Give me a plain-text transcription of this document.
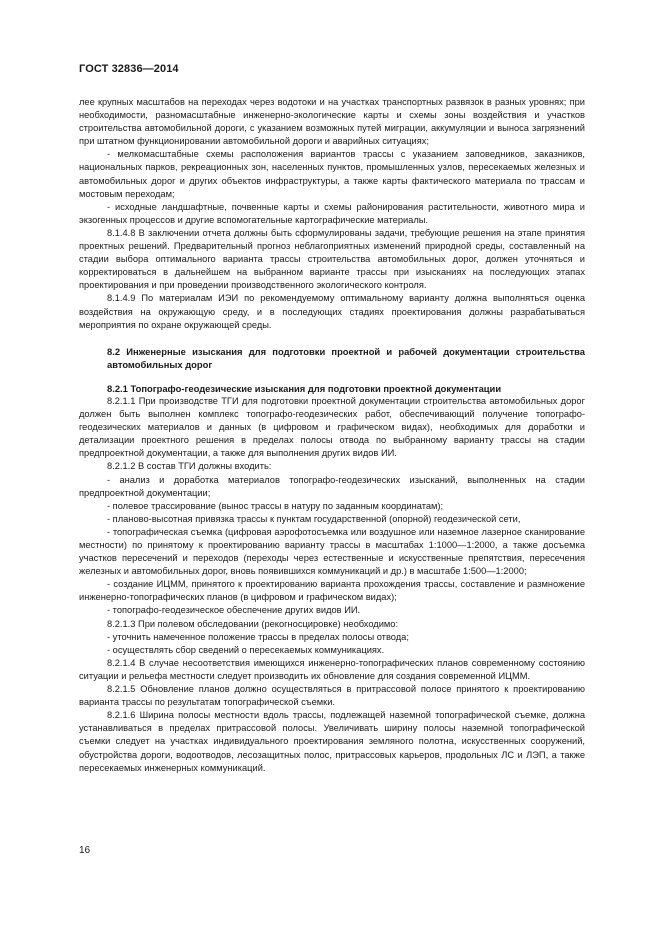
ГОСТ 32836—2014

лее крупных масштабов на переходах через водотоки и на участках транспортных развязок в разных уровнях; при необходимости, разномасштабные инженерно-экологические карты и схемы зоны воздействия и участков строительства автомобильной дороги, с указанием возможных путей миграции, аккумуляции и выноса загрязнений при штатном функционировании автомобильной дороги и аварийных ситуациях;

- мелкомасштабные схемы расположения вариантов трассы с указанием заповедников, заказников, национальных парков, рекреационных зон, населенных пунктов, промышленных узлов, пересекаемых железных и автомобильных дорог и других объектов инфраструктуры, а также карты фактического материала по трассам и мостовым переходам;

- исходные ландшафтные, почвенные карты и схемы районирования растительности, животного мира и экзогенных процессов и другие вспомогательные картографические материалы.

8.1.4.8 В заключении отчета должны быть сформулированы задачи, требующие решения на этапе принятия проектных решений. Предварительный прогноз неблагоприятных изменений природной среды, составленный на стадии выбора оптимального варианта трассы строительства автомобильных дорог, должен уточняться и корректироваться в дальнейшем на выбранном варианте трассы при изысканиях на последующих этапах проектирования и при проведении производственного экологического контроля.

8.1.4.9 По материалам ИЭИ по рекомендуемому оптимальному варианту должна выполняться оценка воздействия на окружающую среду, и в последующих стадиях проектирования должны разрабатываться мероприятия по охране окружающей среды.

8.2 Инженерные изыскания для подготовки проектной и рабочей документации строительства автомобильных дорог

8.2.1 Топографо-геодезические изыскания для подготовки проектной документации

8.2.1.1 При производстве ТГИ для подготовки проектной документации строительства автомобильных дорог должен быть выполнен комплекс топографо-геодезических работ, обеспечивающий получение топографо-геодезических материалов и данных (в цифровом и графическом видах), необходимых для доработки и детализации проектного решения в пределах полосы отвода по выбранному варианту трассы на стадии предпроектной документации, а также для выполнения других видов ИИ.

8.2.1.2 В состав ТГИ должны входить:

- анализ и доработка материалов топографо-геодезических изысканий, выполненных на стадии предпроектной документации;

- полевое трассирование (вынос трассы в натуру по заданным координатам);

- планово-высотная привязка трассы к пунктам государственной (опорной) геодезической сети,

- топографическая съемка (цифровая аэрофотосъемка или воздушное или наземное лазерное сканирование местности) по принятому к проектированию варианту трассы в масштабах 1:1000—1:2000, а также досъемка участков пересечений и переходов (переходы через естественные и искусственные препятствия, пересечения железных и автомобильных дорог, вновь появившихся коммуникаций и др.) в масштабе 1:500—1:2000;

- создание ИЦММ, принятого к проектированию варианта прохождения трассы, составление и размножение инженерно-топографических планов (в цифровом и графическом видах);

- топографо-геодезическое обеспечение других видов ИИ.

8.2.1.3 При полевом обследовании (рекогносцировке) необходимо:

- уточнить намеченное положение трассы в пределах полосы отвода;

- осуществлять сбор сведений о пересекаемых коммуникациях.

8.2.1.4 В случае несоответствия имеющихся инженерно-топографических планов современному состоянию ситуации и рельефа местности следует производить их обновление для создания современной ИЦММ.

8.2.1.5 Обновление планов должно осуществляться в притрассовой полосе принятого к проектированию варианта трассы по результатам топографической съемки.

8.2.1.6 Ширина полосы местности вдоль трассы, подлежащей наземной топографической съемке, должна устанавливаться в пределах притрассовой полосы. Увеличивать ширину полосы наземной топографической съемки следует на участках индивидуального проектирования земляного полотна, искусственных сооружений, обустройства дороги, водоотводов, лесозащитных полос, притрассовых карьеров, продольных ЛС и ЛЭП, а также пересекаемых инженерных коммуникаций.

16
